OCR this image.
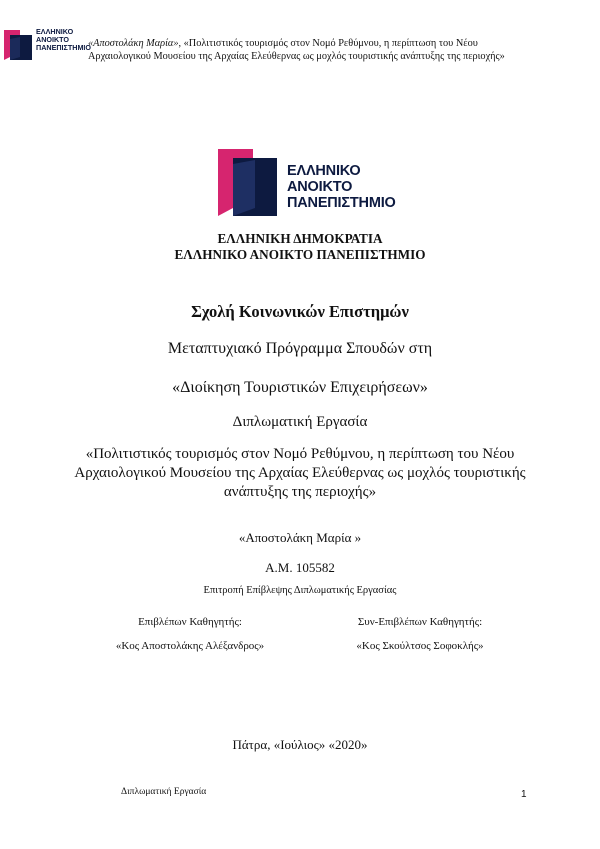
ΕΛΛΗΝΙΚΟ
ΑΝΟΙΚΤΟ
ΠΑΝΕΠΙΣΤΗΜΙΟ
«Αποστολάκη Μαρία», «Πολιτιστικός τουρισμός στον Νομό Ρεθύμνου, η περίπτωση του Νέου Αρχαιολογικού Μουσείου της Αρχαίας Ελεύθερνας ως μοχλός τουριστικής ανάπτυξης της περιοχής»
ΕΛΛΗΝΙΚΟ
ΑΝΟΙΚΤΟ
ΠΑΝΕΠΙΣΤΗΜΙΟ
ΕΛΛΗΝΙΚΗ ΔΗΜΟΚΡΑΤΙΑ
ΕΛΛΗΝΙΚΟ ΑΝΟΙΚΤΟ ΠΑΝΕΠΙΣΤΗΜΙΟ
Σχολή Κοινωνικών Επιστημών
Μεταπτυχιακό Πρόγραμμα Σπουδών στη
«Διοίκηση Τουριστικών Επιχειρήσεων»
Διπλωματική Εργασία
«Πολιτιστικός τουρισμός στον Νομό Ρεθύμνου, η περίπτωση του Νέου Αρχαιολογικού Μουσείου της Αρχαίας Ελεύθερνας ως μοχλός τουριστικής ανάπτυξης της περιοχής»
«Αποστολάκη Μαρία »
Α.Μ. 105582
Επιτροπή Επίβλεψης Διπλωματικής Εργασίας
Επιβλέπων Καθηγητής:	Συν-Επιβλέπων Καθηγητής:
«Κος Αποστολάκης Αλέξανδρος»	«Κος Σκούλτσος Σοφοκλής»
Πάτρα, «Ιούλιος» «2020»
Διπλωματική Εργασία	1
